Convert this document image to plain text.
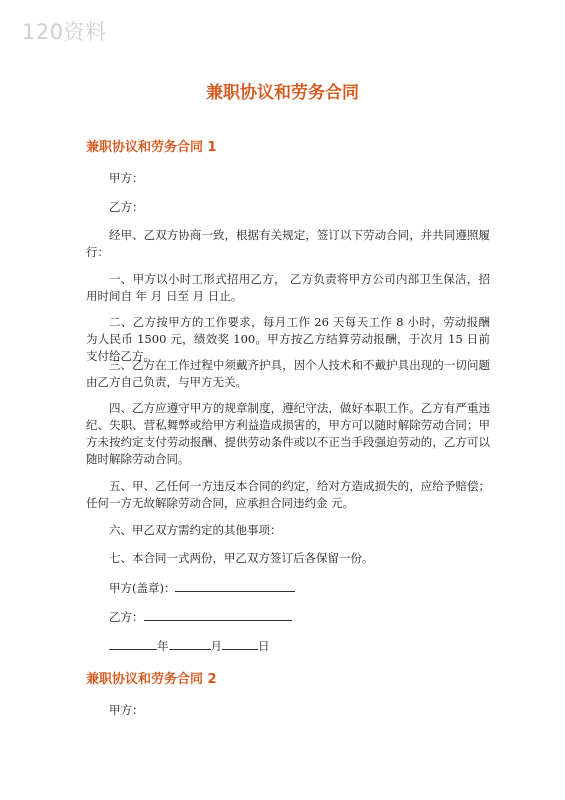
120资料
兼职协议和劳务合同
兼职协议和劳务合同 1
甲方：
乙方：
经甲、乙双方协商一致，根据有关规定，签订以下劳动合同，并共同遵照履行：
一、甲方以小时工形式招用乙方， 乙方负责将甲方公司内部卫生保洁，招用时间自 年 月 日至 月 日止。
二、乙方按甲方的工作要求，每月工作 26 天每天工作 8 小时，劳动报酬为人民币 1500 元，绩效奖 100。甲方按乙方结算劳动报酬，于次月 15 日前支付给乙方。
三、乙方在工作过程中须戴齐护具，因个人技术和不戴护具出现的一切问题由乙方自己负责，与甲方无关。
四、乙方应遵守甲方的规章制度，遵纪守法，做好本职工作。乙方有严重违纪、失职、营私舞弊或给甲方利益造成损害的，甲方可以随时解除劳动合同；甲方未按约定支付劳动报酬、提供劳动条件或以不正当手段强迫劳动的，乙方可以随时解除劳动合同。
五、甲、乙任何一方违反本合同的约定，给对方造成损失的，应给予赔偿；任何一方无故解除劳动合同，应承担合同违约金 元。
六、甲乙双方需约定的其他事项：
七、本合同一式两份，甲乙双方签订后各保留一份。
甲方(盖章)：
乙方：
年	月	日
兼职协议和劳务合同 2
甲方：
